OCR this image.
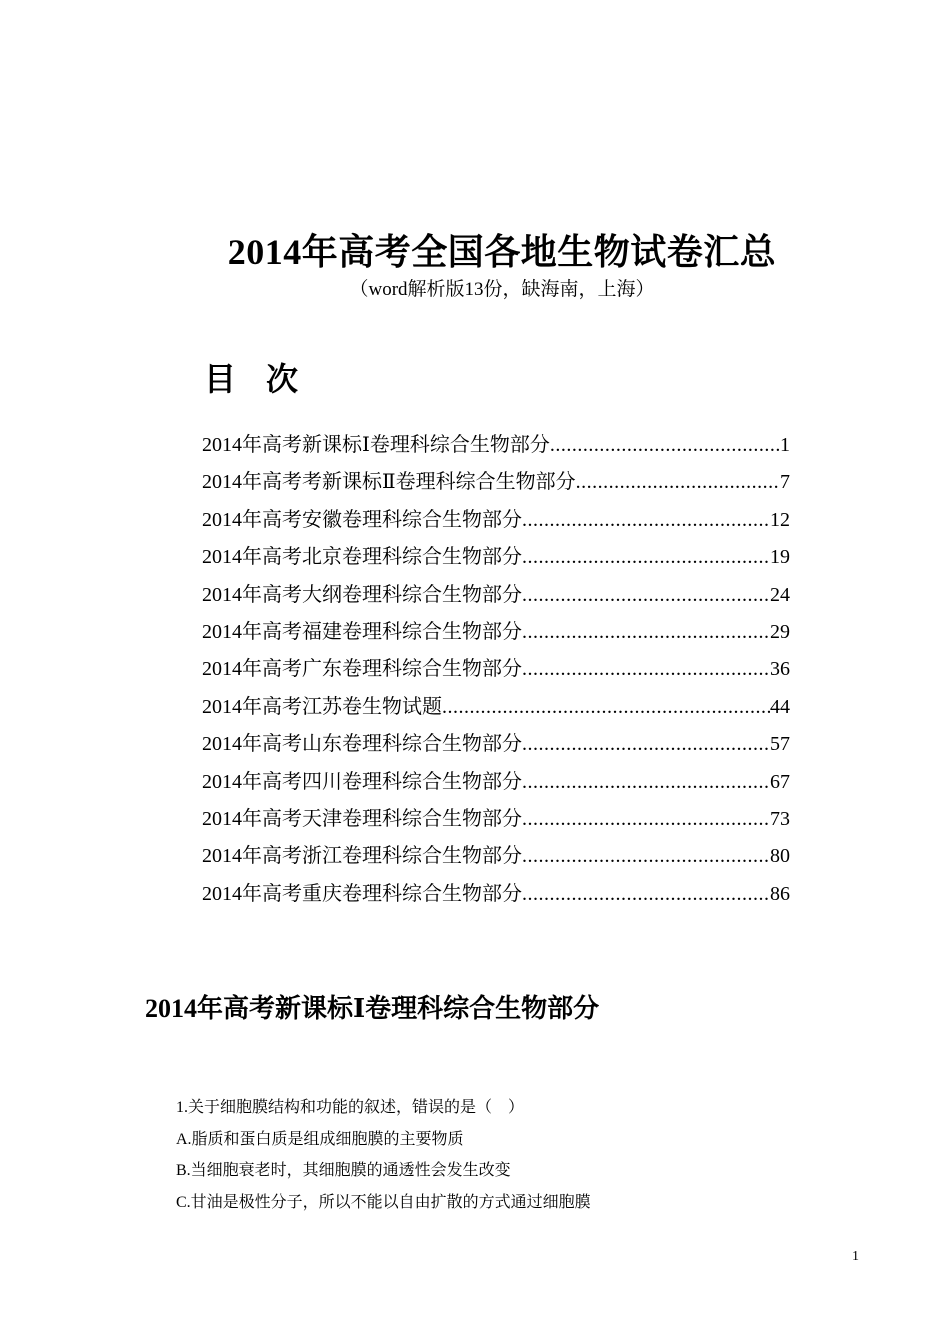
2014年高考全国各地生物试卷汇总
（word解析版13份，缺海南，上海）
目次
2014年高考新课标Ⅰ卷理科综合生物部分 .....	1
2014年高考考新课标Ⅱ卷理科综合生物部分 .....	7
2014年高考安徽卷理科综合生物部分 .....	12
2014年高考北京卷理科综合生物部分 .....	19
2014年高考大纲卷理科综合生物部分 .....	24
2014年高考福建卷理科综合生物部分 .....	29
2014年高考广东卷理科综合生物部分 .....	36
2014年高考江苏卷生物试题 .....	44
2014年高考山东卷理科综合生物部分 .....	57
2014年高考四川卷理科综合生物部分 .....	67
2014年高考天津卷理科综合生物部分 .....	73
2014年高考浙江卷理科综合生物部分 .....	80
2014年高考重庆卷理科综合生物部分 .....	86
2014年高考新课标Ⅰ卷理科综合生物部分
1.关于细胞膜结构和功能的叙述，错误的是（　）
A.脂质和蛋白质是组成细胞膜的主要物质
B.当细胞衰老时，其细胞膜的通透性会发生改变
C.甘油是极性分子，所以不能以自由扩散的方式通过细胞膜
1
